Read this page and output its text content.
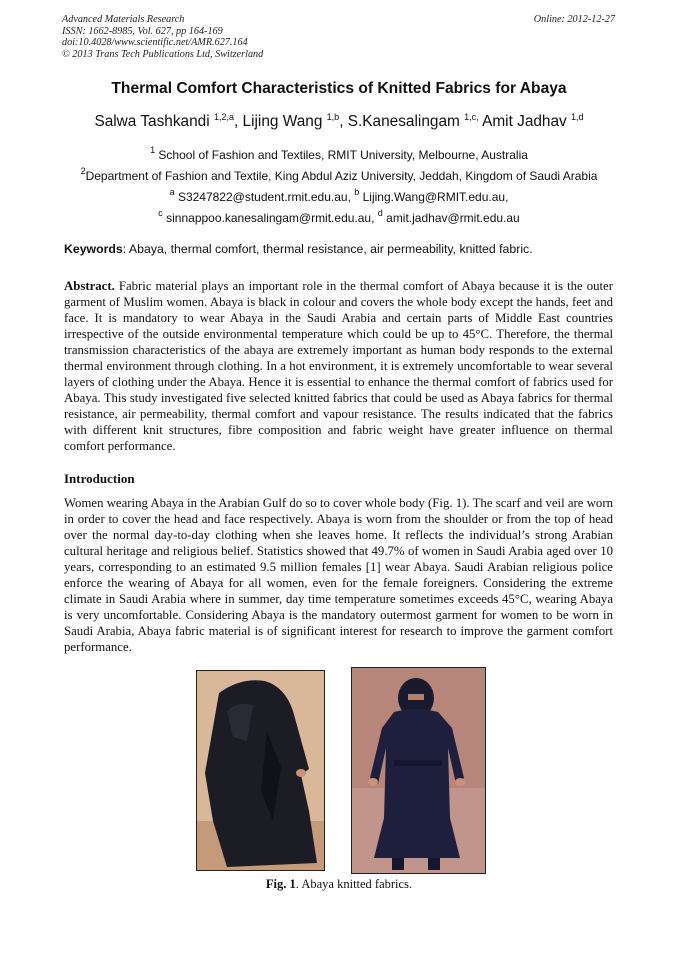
Advanced Materials Research
ISSN: 1662-8985, Vol. 627, pp 164-169
doi:10.4028/www.scientific.net/AMR.627.164
© 2013 Trans Tech Publications Ltd, Switzerland
Online: 2012-12-27
Thermal Comfort Characteristics of Knitted Fabrics for Abaya
Salwa Tashkandi $^{1,2,a}$, Lijing Wang $^{1,b}$, S.Kanesalingam $^{1,c,}$ Amit Jadhav $^{1,d}$
$^1$ School of Fashion and Textiles, RMIT University, Melbourne, Australia
$^2$Department of Fashion and Textile, King Abdul Aziz University, Jeddah, Kingdom of Saudi Arabia
$^a$ S3247822@student.rmit.edu.au, $^b$ Lijing.Wang@RMIT.edu.au,
$^c$ sinnappoo.kanesalingam@rmit.edu.au, $^d$ amit.jadhav@rmit.edu.au
Keywords: Abaya, thermal comfort, thermal resistance, air permeability, knitted fabric.
Abstract. Fabric material plays an important role in the thermal comfort of Abaya because it is the outer garment of Muslim women. Abaya is black in colour and covers the whole body except the hands, feet and face. It is mandatory to wear Abaya in the Saudi Arabia and certain parts of Middle East countries irrespective of the outside environmental temperature which could be up to 45°C. Therefore, the thermal transmission characteristics of the abaya are extremely important as human body responds to the external thermal environment through clothing. In a hot environment, it is extremely uncomfortable to wear several layers of clothing under the Abaya. Hence it is essential to enhance the thermal comfort of fabrics used for Abaya. This study investigated five selected knitted fabrics that could be used as Abaya fabrics for thermal resistance, air permeability, thermal comfort and vapour resistance. The results indicated that the fabrics with different knit structures, fibre composition and fabric weight have greater influence on thermal comfort performance.
Introduction
Women wearing Abaya in the Arabian Gulf do so to cover whole body (Fig. 1). The scarf and veil are worn in order to cover the head and face respectively. Abaya is worn from the shoulder or from the top of head over the normal day-to-day clothing when she leaves home. It reflects the individual’s strong Arabian cultural heritage and religious belief. Statistics showed that 49.7% of women in Saudi Arabia aged over 10 years, corresponding to an estimated 9.5 million females [1] wear Abaya. Saudi Arabian religious police enforce the wearing of Abaya for all women, even for the female foreigners. Considering the extreme climate in Saudi Arabia where in summer, day time temperature sometimes exceeds 45°C, wearing Abaya is very uncomfortable. Considering Abaya is the mandatory outermost garment for women to be worn in Saudi Arabia, Abaya fabric material is of significant interest for research to improve the garment comfort performance.
Fig. 1. Abaya knitted fabrics.
